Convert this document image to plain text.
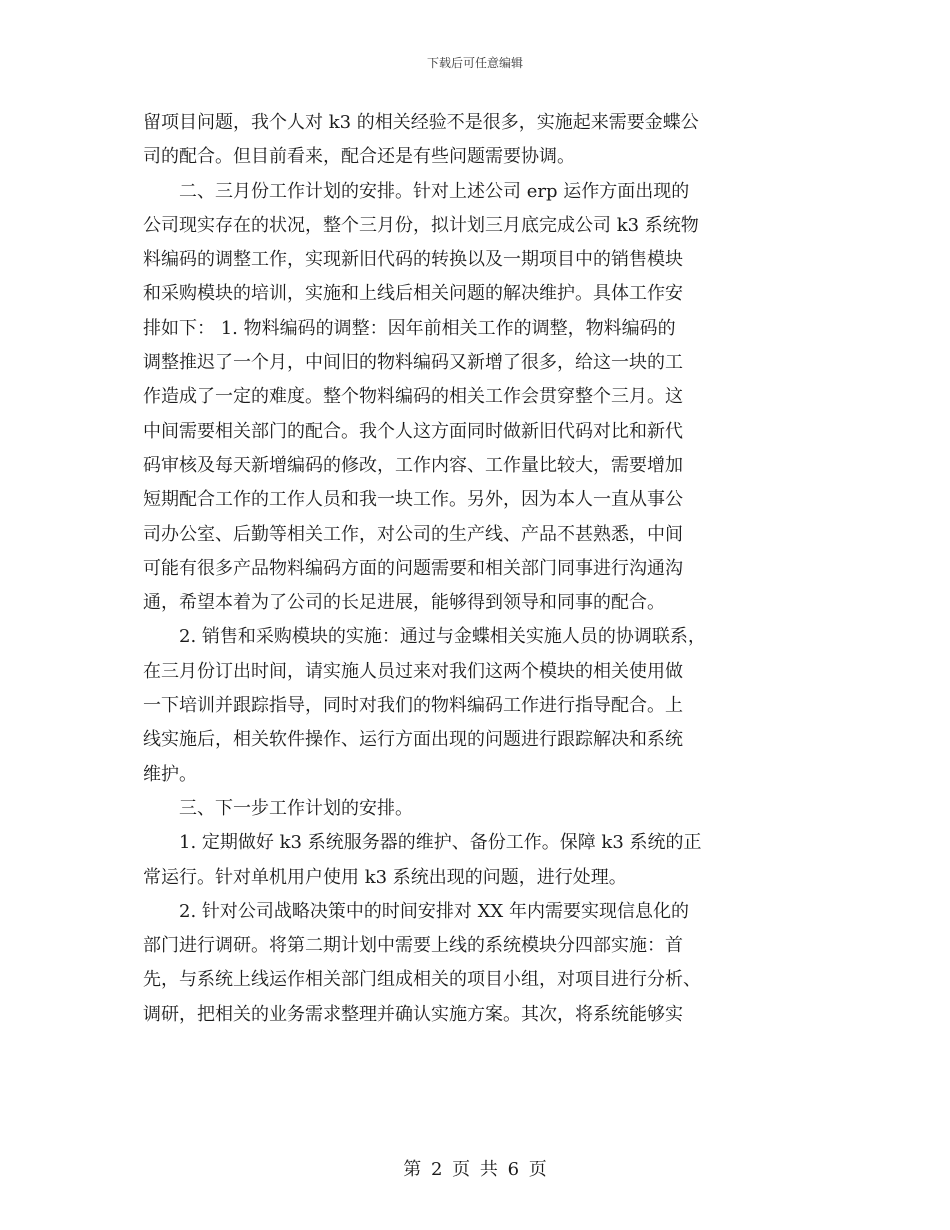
下载后可任意编辑
留项目问题，我个人对 k3 的相关经验不是很多，实施起来需要金蝶公
司的配合。但目前看来，配合还是有些问题需要协调。
　　二、三月份工作计划的安排。针对上述公司 erp 运作方面出现的
公司现实存在的状况，整个三月份，拟计划三月底完成公司 k3 系统物
料编码的调整工作，实现新旧代码的转换以及一期项目中的销售模块
和采购模块的培训，实施和上线后相关问题的解决维护。具体工作安
排如下： 1. 物料编码的调整：因年前相关工作的调整，物料编码的
调整推迟了一个月，中间旧的物料编码又新增了很多，给这一块的工
作造成了一定的难度。整个物料编码的相关工作会贯穿整个三月。这
中间需要相关部门的配合。我个人这方面同时做新旧代码对比和新代
码审核及每天新增编码的修改，工作内容、工作量比较大，需要增加
短期配合工作的工作人员和我一块工作。另外，因为本人一直从事公
司办公室、后勤等相关工作，对公司的生产线、产品不甚熟悉，中间
可能有很多产品物料编码方面的问题需要和相关部门同事进行沟通沟
通，希望本着为了公司的长足进展，能够得到领导和同事的配合。
　　2. 销售和采购模块的实施：通过与金蝶相关实施人员的协调联系，
在三月份订出时间，请实施人员过来对我们这两个模块的相关使用做
一下培训并跟踪指导，同时对我们的物料编码工作进行指导配合。上
线实施后，相关软件操作、运行方面出现的问题进行跟踪解决和系统
维护。
　　三、下一步工作计划的安排。
　　1. 定期做好 k3 系统服务器的维护、备份工作。保障 k3 系统的正
常运行。针对单机用户使用 k3 系统出现的问题，进行处理。
　　2. 针对公司战略决策中的时间安排对 XX 年内需要实现信息化的
部门进行调研。将第二期计划中需要上线的系统模块分四部实施：首
先，与系统上线运作相关部门组成相关的项目小组，对项目进行分析、
调研，把相关的业务需求整理并确认实施方案。其次，将系统能够实
第 2 页 共 6 页
